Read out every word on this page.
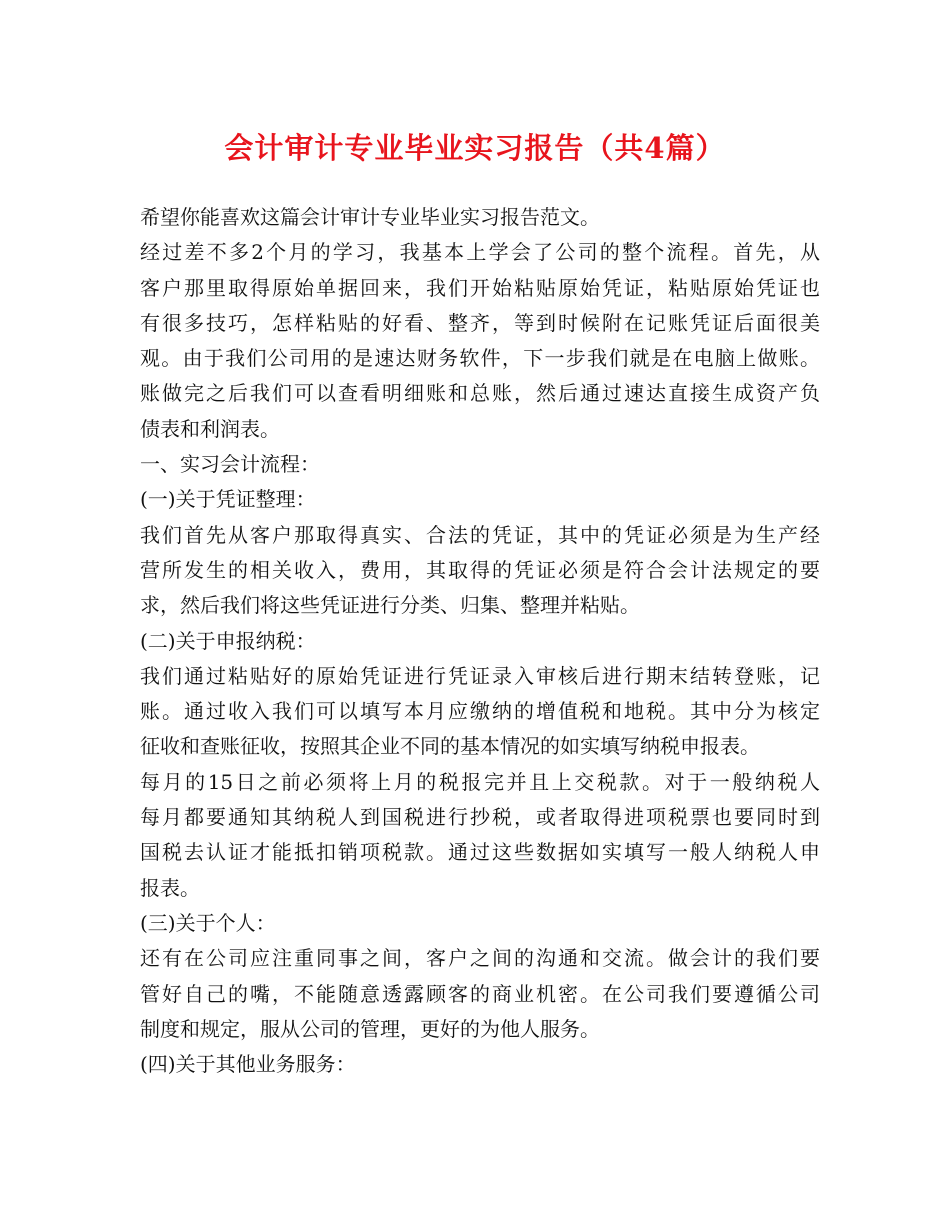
会计审计专业毕业实习报告（共4篇）
希望你能喜欢这篇会计审计专业毕业实习报告范文。
经过差不多2个月的学习，我基本上学会了公司的整个流程。首先，从
客户那里取得原始单据回来，我们开始粘贴原始凭证，粘贴原始凭证也
有很多技巧，怎样粘贴的好看、整齐，等到时候附在记账凭证后面很美
观。由于我们公司用的是速达财务软件，下一步我们就是在电脑上做账。
账做完之后我们可以查看明细账和总账，然后通过速达直接生成资产负
债表和利润表。
一、实习会计流程：
(一)关于凭证整理：
我们首先从客户那取得真实、合法的凭证，其中的凭证必须是为生产经
营所发生的相关收入，费用，其取得的凭证必须是符合会计法规定的要
求，然后我们将这些凭证进行分类、归集、整理并粘贴。
(二)关于申报纳税：
我们通过粘贴好的原始凭证进行凭证录入审核后进行期末结转登账，记
账。通过收入我们可以填写本月应缴纳的增值税和地税。其中分为核定
征收和查账征收，按照其企业不同的基本情况的如实填写纳税申报表。
每月的15日之前必须将上月的税报完并且上交税款。对于一般纳税人
每月都要通知其纳税人到国税进行抄税，或者取得进项税票也要同时到
国税去认证才能抵扣销项税款。通过这些数据如实填写一般人纳税人申
报表。
(三)关于个人：
还有在公司应注重同事之间，客户之间的沟通和交流。做会计的我们要
管好自己的嘴，不能随意透露顾客的商业机密。在公司我们要遵循公司
制度和规定，服从公司的管理，更好的为他人服务。
(四)关于其他业务服务：
